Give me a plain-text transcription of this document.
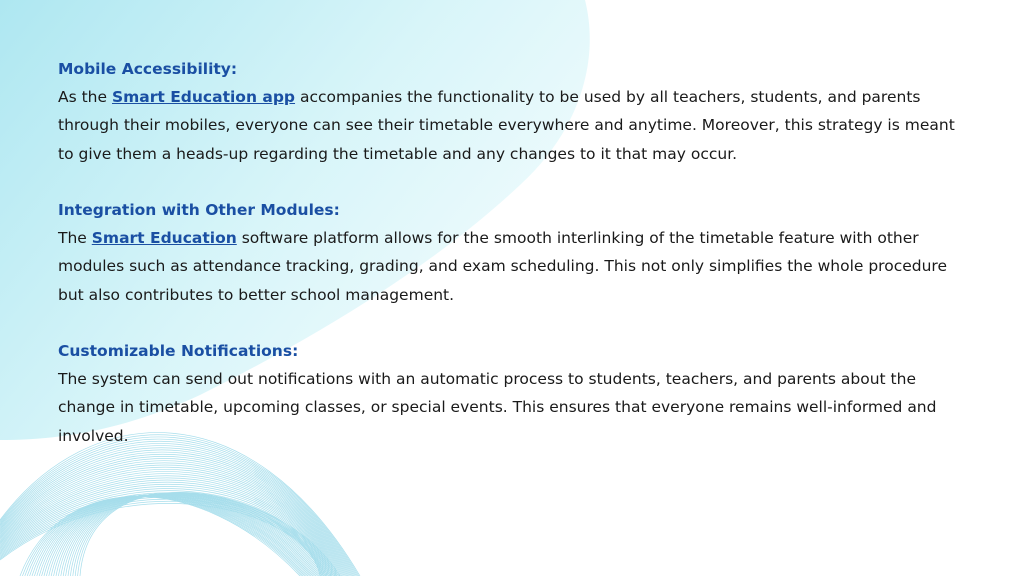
Mobile Accessibility:
As the Smart Education app accompanies the functionality to be used by all teachers, students, and parents through their mobiles, everyone can see their timetable everywhere and anytime. Moreover, this strategy is meant to give them a heads-up regarding the timetable and any changes to it that may occur.
Integration with Other Modules:
The Smart Education software platform allows for the smooth interlinking of the timetable feature with other modules such as attendance tracking, grading, and exam scheduling. This not only simplifies the whole procedure but also contributes to better school management.
Customizable Notifications:
The system can send out notifications with an automatic process to students, teachers, and parents about the change in timetable, upcoming classes, or special events. This ensures that everyone remains well-informed and involved.
